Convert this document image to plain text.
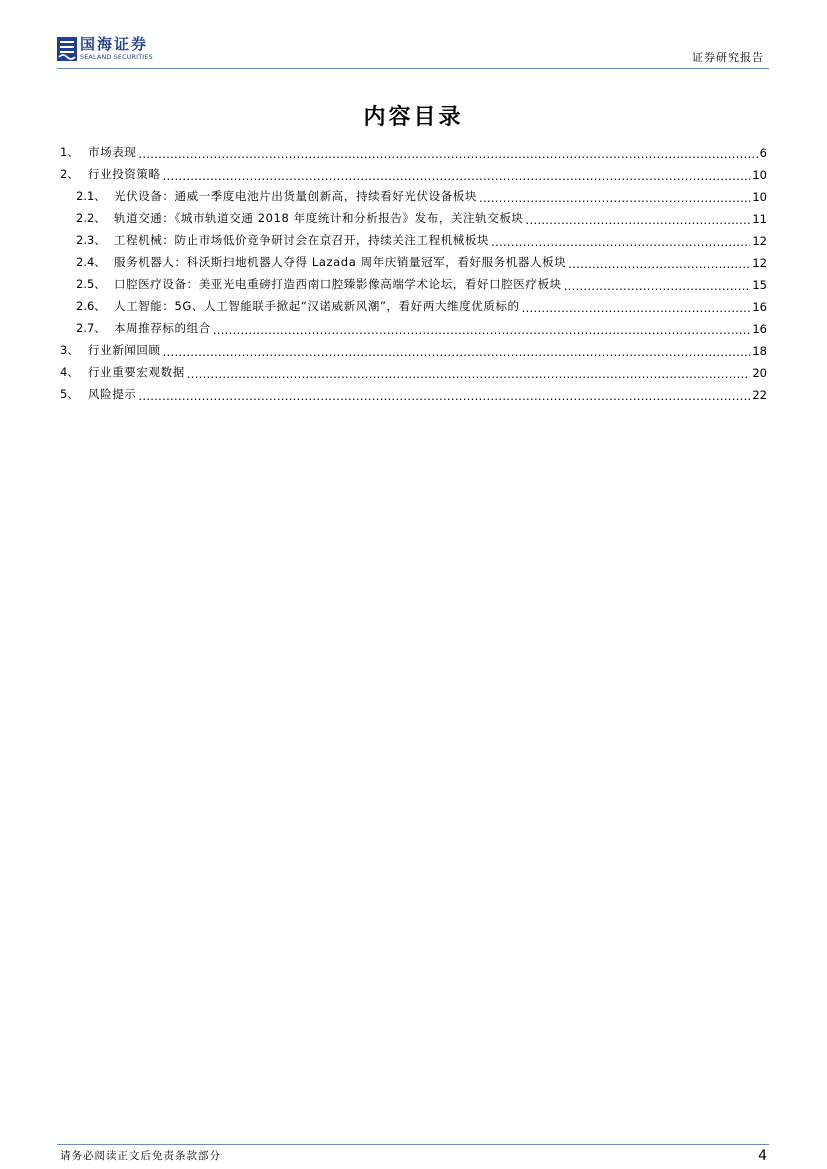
国海证券
SEALAND SECURITIES	证券研究报告
内容目录
1、 市场表现 .....	6
2、 行业投资策略 .....	10
2.1、 光伏设备：通威一季度电池片出货量创新高，持续看好光伏设备板块 .....	10
2.2、 轨道交通：《城市轨道交通 2018 年度统计和分析报告》发布，关注轨交板块 .....	11
2.3、 工程机械：防止市场低价竞争研讨会在京召开，持续关注工程机械板块 .....	12
2.4、 服务机器人：科沃斯扫地机器人夺得 Lazada 周年庆销量冠军，看好服务机器人板块 .....	12
2.5、 口腔医疗设备：美亚光电重磅打造西南口腔臻影像高端学术论坛，看好口腔医疗板块 .....	15
2.6、 人工智能：5G、人工智能联手掀起“汉诺威新风潮”，看好两大维度优质标的 .....	16
2.7、 本周推荐标的组合 .....	16
3、 行业新闻回顾 .....	18
4、 行业重要宏观数据 .....	20
5、 风险提示 .....	22
请务必阅读正文后免责条款部分	4
